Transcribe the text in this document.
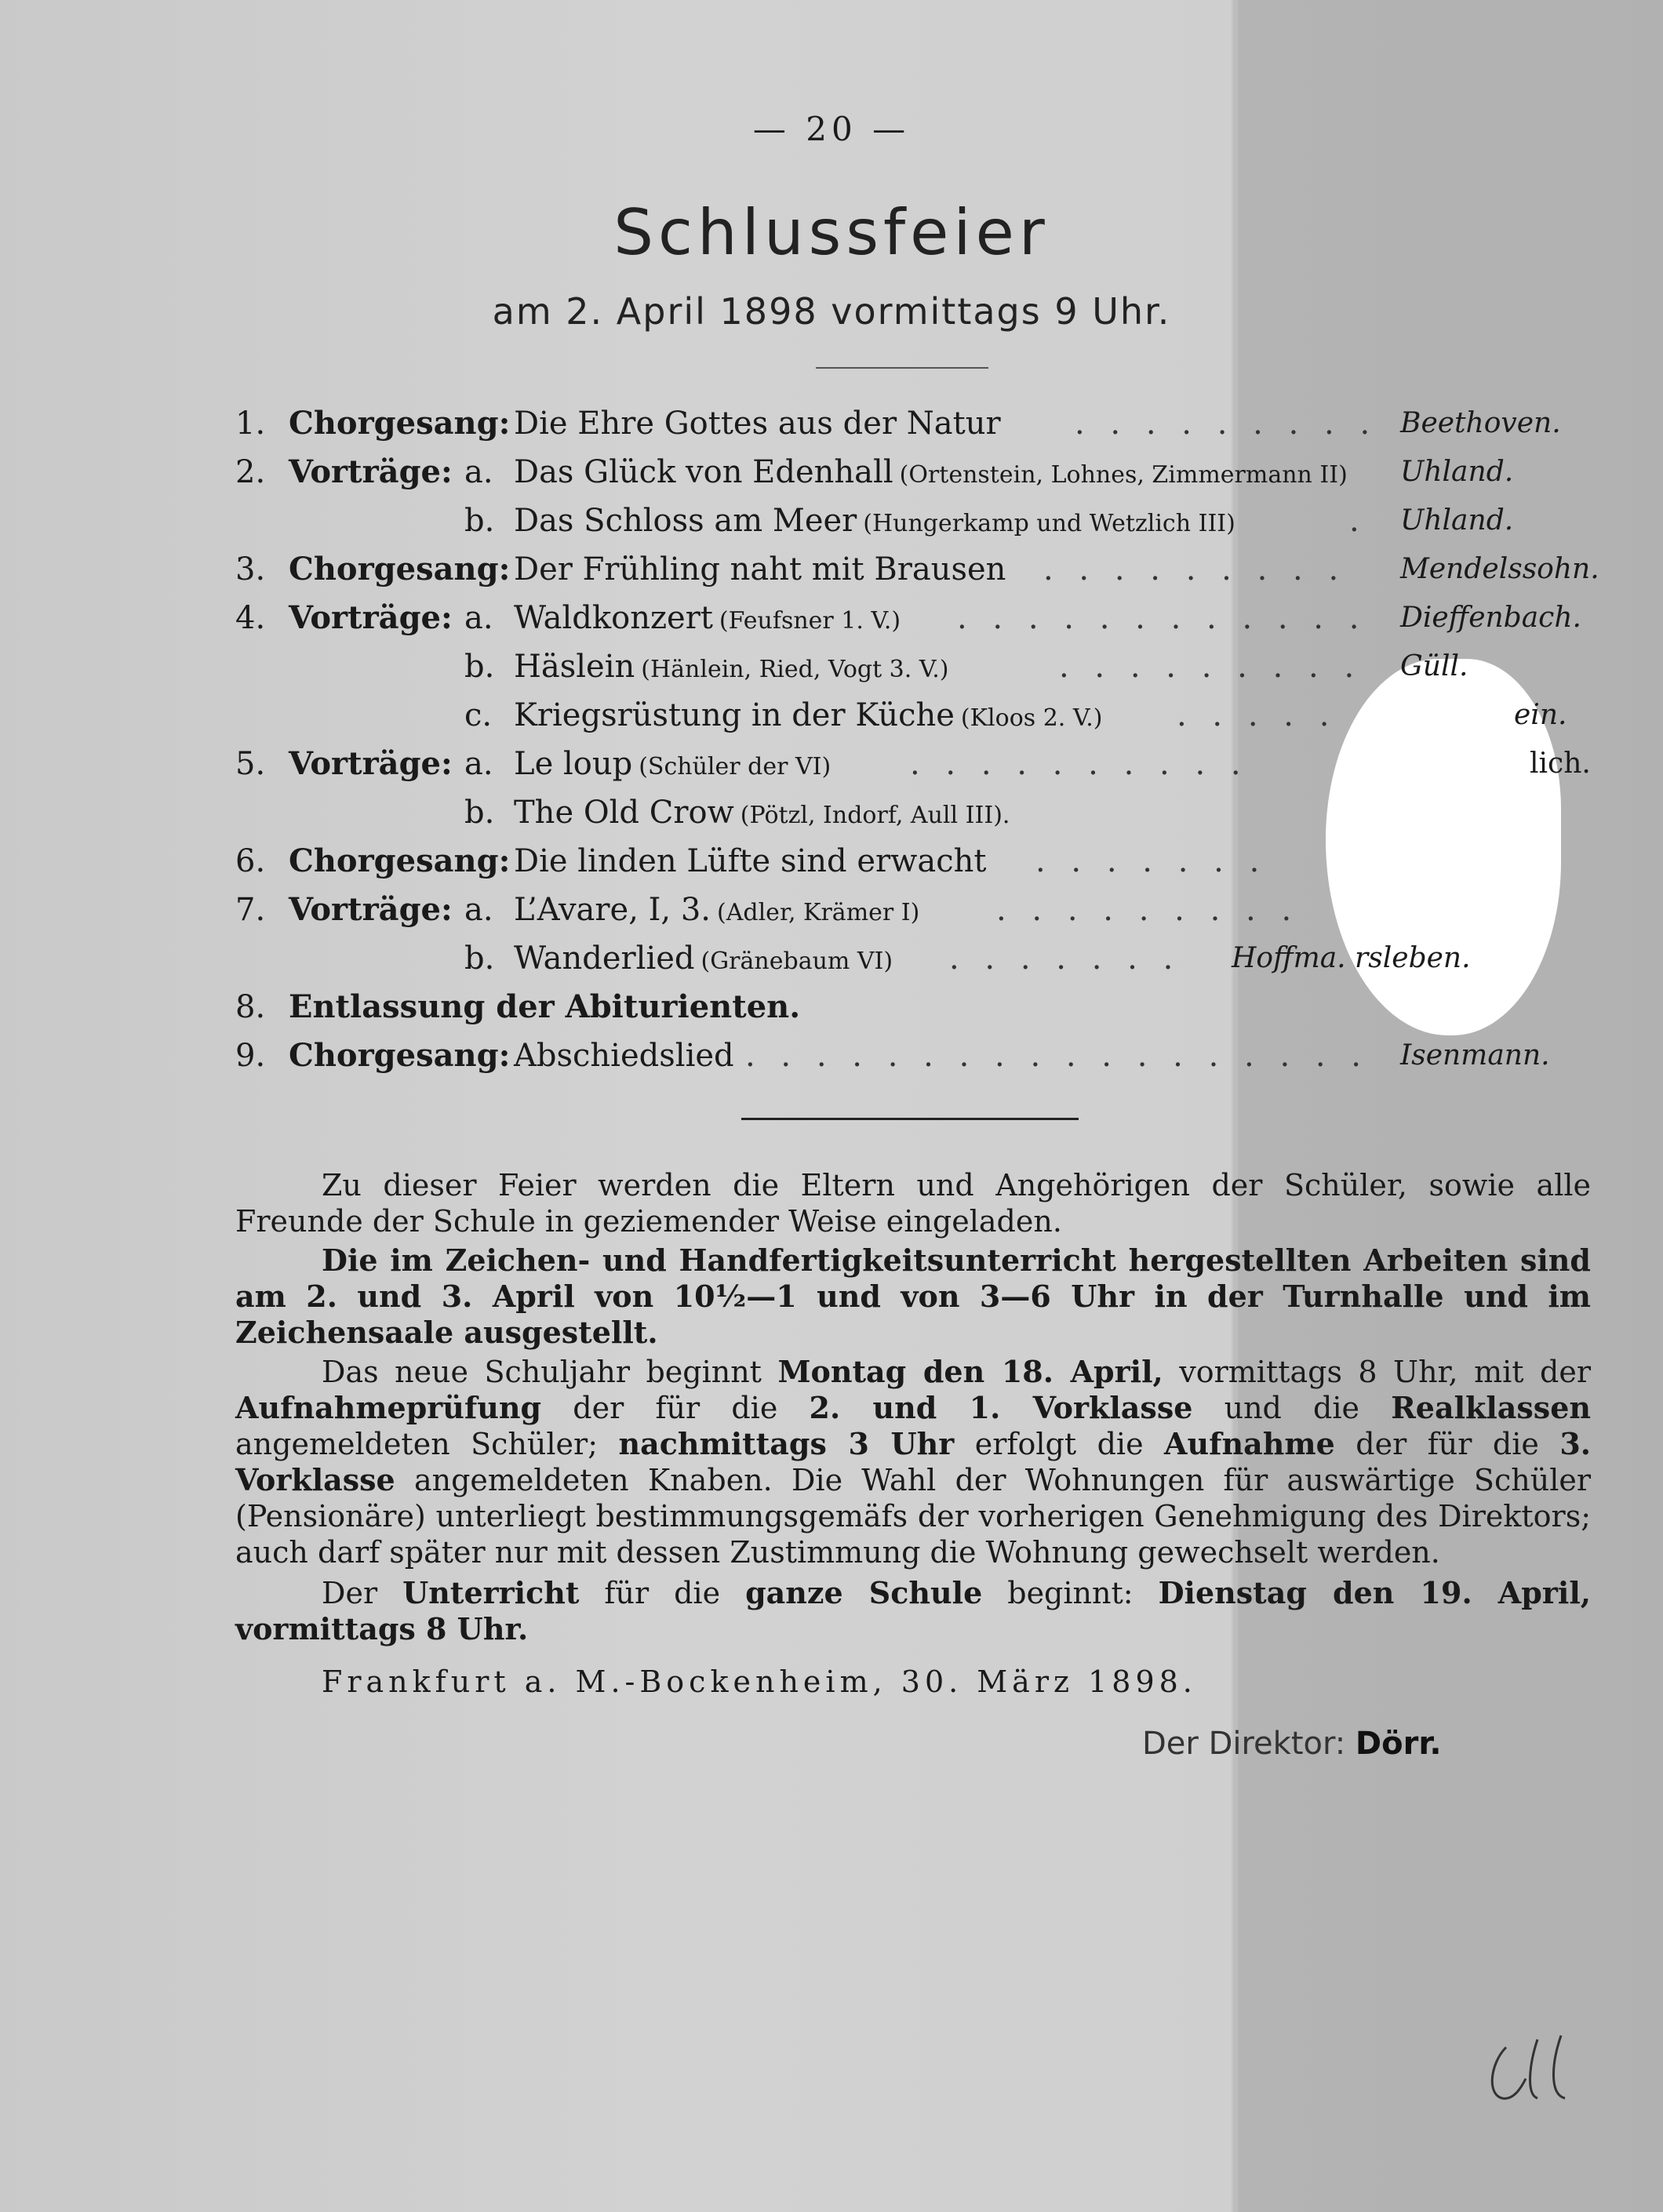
— 20 —
Schlussfeier
am 2. April 1898 vormittags 9 Uhr.
1. Chorgesang: Die Ehre Gottes aus der Natur . . . . . . . . . Beethoven.
2. Vorträge: a. Das Glück von Edenhall (Ortenstein, Lohnes, Zimmermann II) Uhland.
b. Das Schloss am Meer (Hungerkamp und Wetzlich III)	. Uhland.
3. Chorgesang: Der Frühling naht mit Brausen . . . . . . . . . Mendelssohn.
4. Vorträge: a. Waldkonzert (Feufsner 1. V.) . . . . . . . . . . . . Dieffenbach.
b. Häslein (Hänlein, Ried, Vogt 3. V.)	. . . . . . . . . Güll.
c. Kriegsrüstung in der Küche (Kloos 2. V.) . . . . .	ein.
5. Vorträge: a. Le loup (Schüler der VI)	. . . . . . . . . .	lich.
b. The Old Crow (Pötzl, Indorf, Aull III).
6. Chorgesang: Die linden Lüfte sind erwacht . . . . . . .
7. Vorträge: a. L’Avare, I, 3. (Adler, Krämer I) . . . . . . . . .
b. Wanderlied (Gränebaum VI) . . . . . . . Hoffma. rsleben.
8. Entlassung der Abiturienten.
9. Chorgesang: Abschiedslied . . . . . . . . . . . . . . . . . . Isenmann.
Zu dieser Feier werden die Eltern und Angehörigen der Schüler, sowie alle Freunde der Schule in geziemender Weise eingeladen.
Die im Zeichen- und Handfertigkeitsunterricht hergestellten Arbeiten sind am 2. und 3. April von 10½—1 und von 3—6 Uhr in der Turnhalle und im Zeichensaale ausgestellt.
Das neue Schuljahr beginnt Montag den 18. April, vormittags 8 Uhr, mit der Aufnahmeprüfung der für die 2. und 1. Vorklasse und die Realklassen angemeldeten Schüler; nachmittags 3 Uhr erfolgt die Aufnahme der für die 3. Vorklasse angemeldeten Knaben. Die Wahl der Wohnungen für auswärtige Schüler (Pensionäre) unterliegt bestimmungsgemäfs der vorherigen Genehmigung des Direktors; auch darf später nur mit dessen Zustimmung die Wohnung gewechselt werden.
Der Unterricht für die ganze Schule beginnt: Dienstag den 19. April, vormittags 8 Uhr.
Frankfurt a. M.-Bockenheim, 30. März 1898.
Der Direktor: Dörr.
